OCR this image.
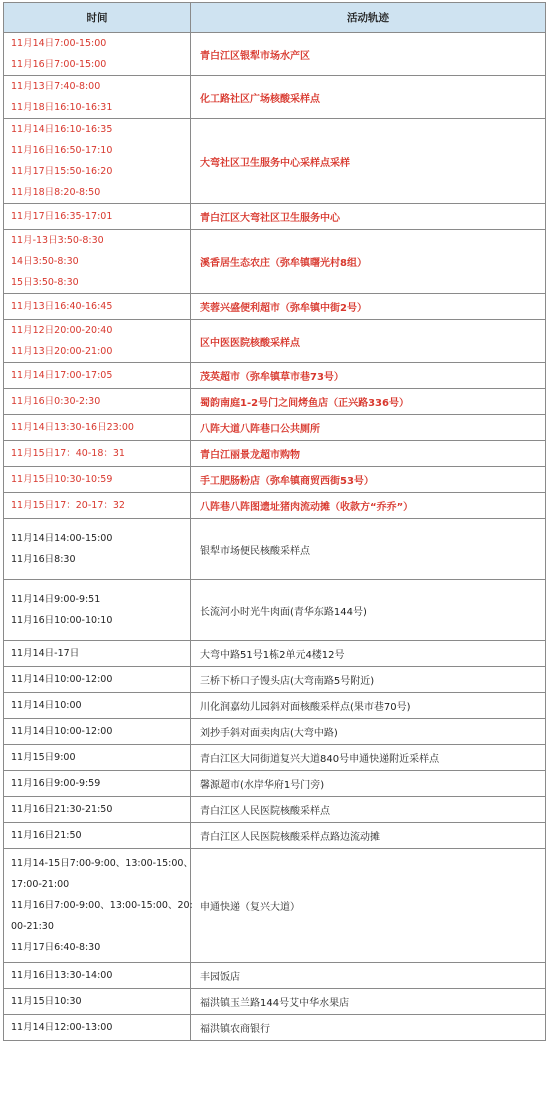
时间	活动轨迹

11月14日7:00-15:00
11月16日7:00-15:00	青白江区银犁市场水产区

11月13日7:40-8:00
11月18日16:10-16:31	化工路社区广场核酸采样点

11月14日16:10-16:35
11月16日16:50-17:10
11月17日15:50-16:20
11月18日8:20-8:50	大弯社区卫生服务中心采样点采样

11月17日16:35-17:01	青白江区大弯社区卫生服务中心

11月-13日3:50-8:30
14日3:50-8:30
15日3:50-8:30	溪香居生态农庄（弥牟镇曙光村8组）

11月13日16:40-16:45	芙蓉兴盛便利超市（弥牟镇中街2号）

11月12日20:00-20:40
11月13日20:00-21:00	区中医医院核酸采样点

11月14日17:00-17:05	茂英超市（弥牟镇草市巷73号）

11月16日0:30-2:30	蜀韵南庭1-2号门之间烤鱼店（正兴路336号）

11月14日13:30-16日23:00	八阵大道八阵巷口公共厕所

11月15日17：40-18：31	青白江丽景龙超市购物

11月15日10:30-10:59	手工肥肠粉店（弥牟镇商贸西街53号）

11月15日17：20-17：32	八阵巷八阵图遗址猪肉流动摊（收款方“乔乔”）

11月14日14:00-15:00
11月16日8:30	银犁市场便民核酸采样点

11月14日9:00-9:51
11月16日10:00-10:10	长流河小时光牛肉面(青华东路144号)

11月14日-17日	大弯中路51号1栋2单元4楼12号

11月14日10:00-12:00	三桥下桥口子馒头店(大弯南路5号附近)

11月14日10:00	川化润嘉幼儿园斜对面核酸采样点(果市巷70号)

11月14日10:00-12:00	刘抄手斜对面卖肉店(大弯中路)

11月15日9:00	青白江区大同街道复兴大道840号申通快递附近采样点

11月16日9:00-9:59	馨源超市(水岸华府1号门旁)

11月16日21:30-21:50	青白江区人民医院核酸采样点

11月16日21:50	青白江区人民医院核酸采样点路边流动摊

11月14-15日7:00-9:00、13:00-15:00、
17:00-21:00
11月16日7:00-9:00、13:00-15:00、20:
00-21:30
11月17日6:40-8:30	申通快递（复兴大道）

11月16日13:30-14:00	丰园饭店

11月15日10:30	福洪镇玉兰路144号艾中华水果店

11月14日12:00-13:00	福洪镇农商银行
